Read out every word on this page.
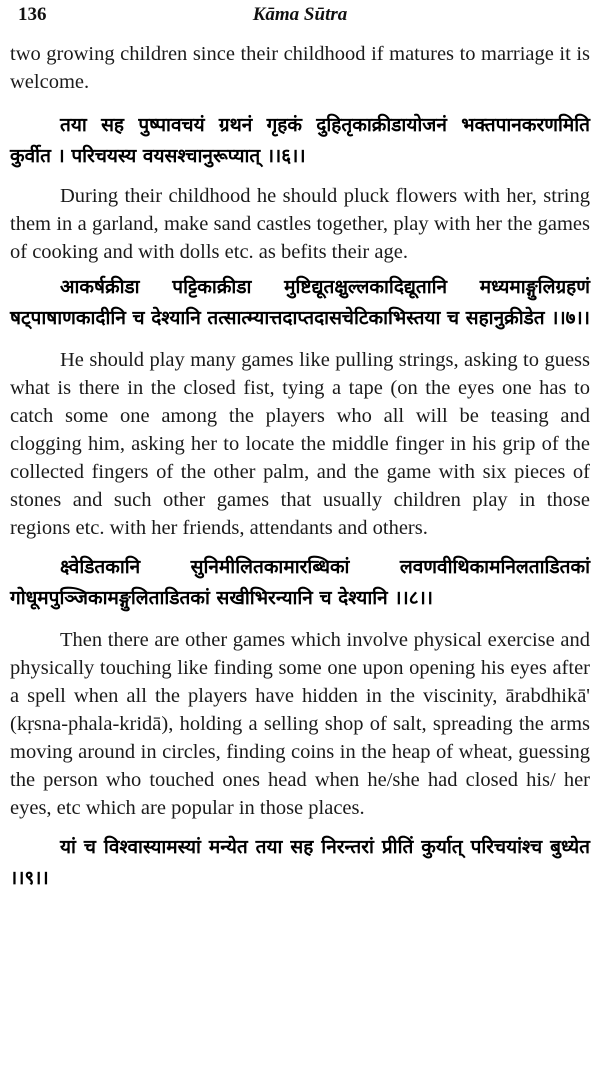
136	Kāma Sūtra

two growing children since their childhood if matures to marriage it is welcome.

तया सह पुष्पावचयं ग्रथनं गृहकं दुहितृकाक्रीडायोजनं भक्तपानकरणमिति कुर्वीत । परिचयस्य वयसश्चानुरूप्यात् ।।६।।

During their childhood he should pluck flowers with her, string them in a garland, make sand castles together, play with her the games of cooking and with dolls etc. as befits their age.

आकर्षक्रीडा पट्टिकाक्रीडा मुष्टिद्यूतक्षुल्लकादिद्यूतानि मध्यमाङ्गुलिग्रहणं षट्पाषाणकादीनि च देश्यानि तत्सात्म्यात्तदाप्तदासचेटिकाभिस्तया च सहानुक्रीडेत ।।७।।

He should play many games like pulling strings, asking to guess what is there in the closed fist, tying a tape (on the eyes one has to catch some one among the players who all will be teasing and clogging him, asking her to locate the middle finger in his grip of the collected fingers of the other palm, and the game with six pieces of stones and such other games that usually children play in those regions etc. with her friends, attendants and others.

क्ष्वेडितकानि सुनिमीलितकामारब्धिकां लवणवीथिकामनिलताडितकां गोधूमपुञ्जिकामङ्गुलिताडितकां सखीभिरन्यानि च देश्यानि ।।८।।

Then there are other games which involve physical exercise and physically touching like finding some one upon opening his eyes after a spell when all the players have hidden in the viscinity, ārabdhikā' (kṛsna-phala-kridā), holding a selling shop of salt, spreading the arms moving around in circles, finding coins in the heap of wheat, guessing the person who touched ones head when he/she had closed his/ her eyes, etc which are popular in those places.

यां च विश्वास्यामस्यां मन्येत तया सह निरन्तरां प्रीतिं कुर्यात् परिचयांश्च बुध्येत ।।९।।
